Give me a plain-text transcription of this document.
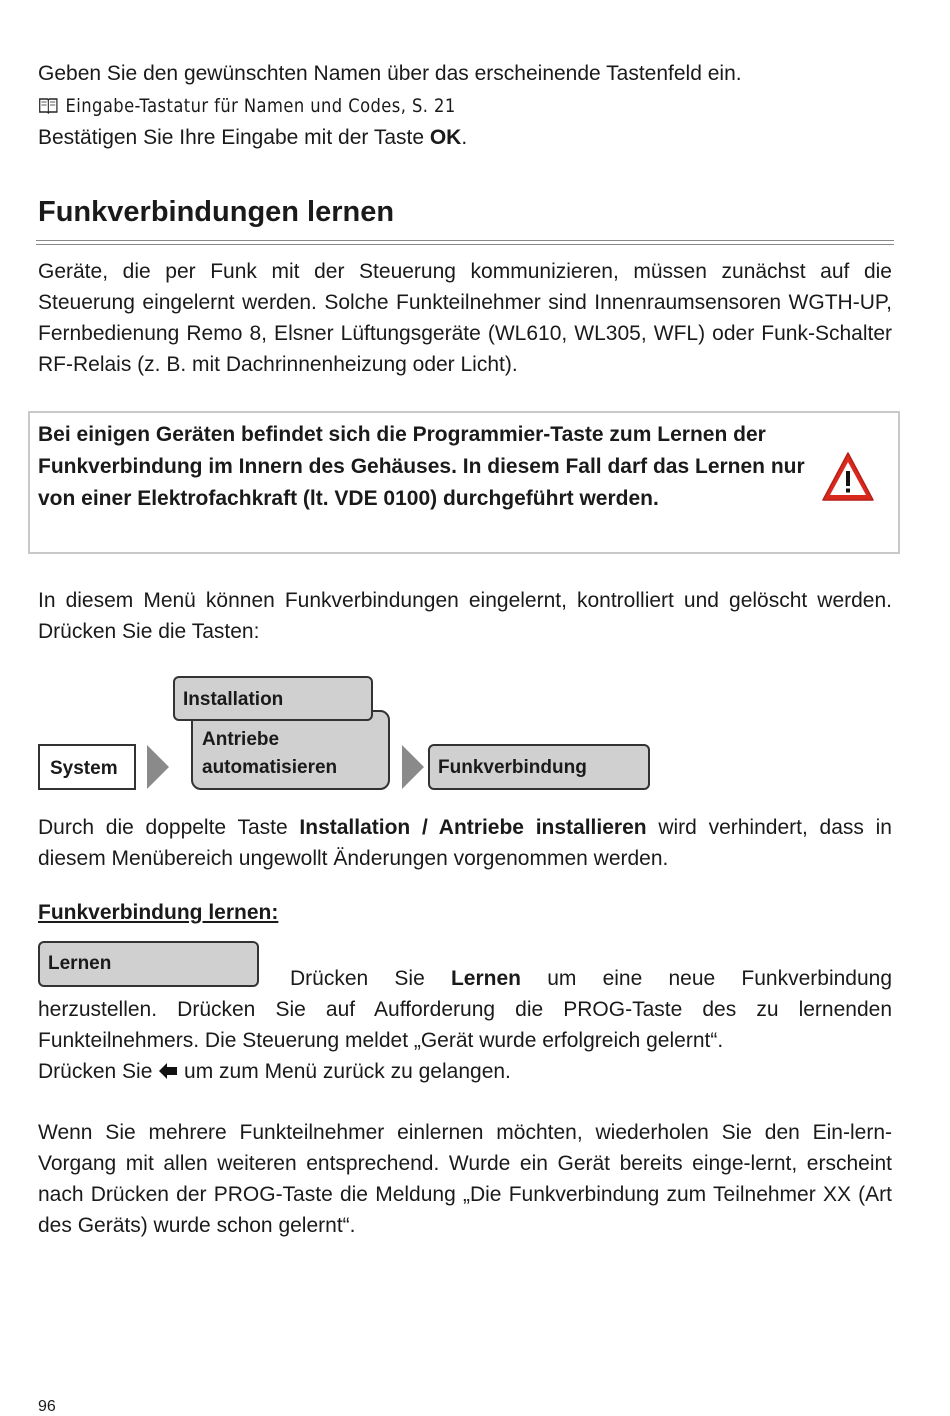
Geben Sie den gewünschten Namen über das erscheinende Tastenfeld ein.

Eingabe-Tastatur für Namen und Codes, S. 21

Bestätigen Sie Ihre Eingabe mit der Taste OK.

Funkverbindungen lernen

Geräte, die per Funk mit der Steuerung kommunizieren, müssen zunächst auf die Steuerung eingelernt werden. Solche Funkteilnehmer sind Innenraumsensoren WGTH-UP, Fernbedienung Remo 8, Elsner Lüftungsgeräte (WL610, WL305, WFL) oder Funk-Schalter RF-Relais (z. B. mit Dachrinnenheizung oder Licht).

Bei einigen Geräten befindet sich die Programmier-Taste zum Lernen der Funkverbindung im Innern des Gehäuses. In diesem Fall darf das Lernen nur von einer Elektrofachkraft (lt. VDE 0100) durchgeführt werden.

In diesem Menü können Funkverbindungen eingelernt, kontrolliert und gelöscht werden. Drücken Sie die Tasten:

System
Antriebe
automatisieren
Installation
Funkverbindung

Durch die doppelte Taste Installation / Antriebe installieren wird verhindert, dass in diesem Menübereich ungewollt Änderungen vorgenommen werden.

Funkverbindung lernen:
Lernen

Drücken Sie Lernen um eine neue Funkverbindung

herzustellen. Drücken Sie auf Aufforderung die PROG-Taste des zu lernenden Funkteilnehmers. Die Steuerung meldet „Gerät wurde erfolgreich gelernt“.

Drücken Sie  um zum Menü zurück zu gelangen.

Wenn Sie mehrere Funkteilnehmer einlernen möchten, wiederholen Sie den Ein-lern-Vorgang mit allen weiteren entsprechend. Wurde ein Gerät bereits einge-lernt, erscheint nach Drücken der PROG-Taste die Meldung „Die Funkverbindung zum Teilnehmer XX (Art des Geräts) wurde schon gelernt“.

96
